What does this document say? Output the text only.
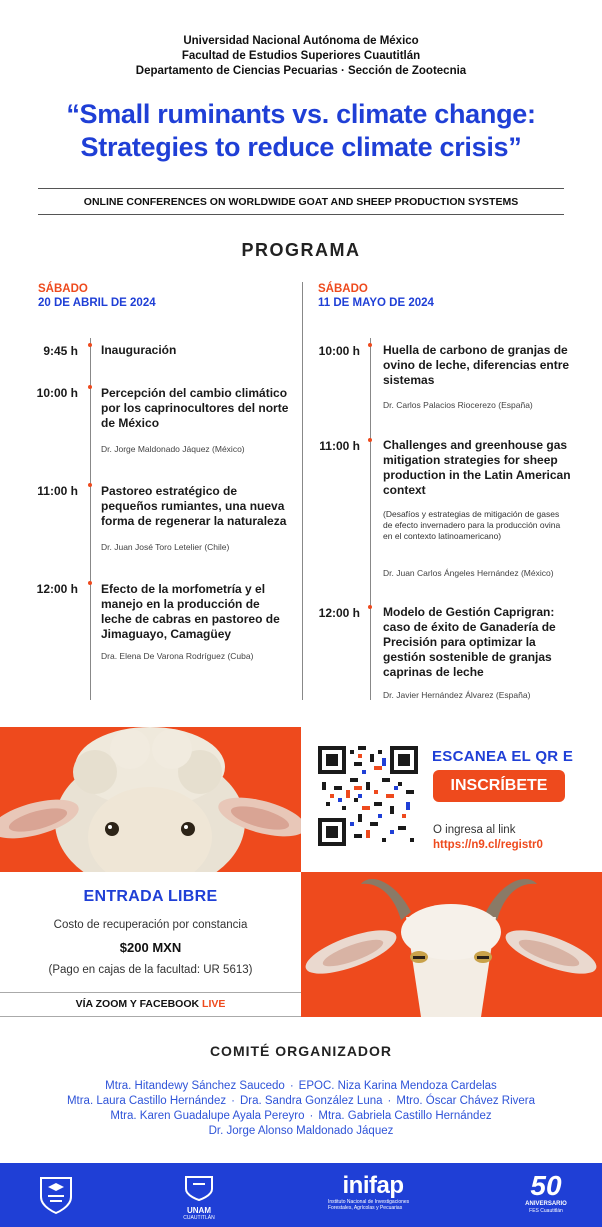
Universidad Nacional Autónoma de México
Facultad de Estudios Superiores Cuautitlán
Departamento de Ciencias Pecuarias · Sección de Zootecnia
“Small ruminants vs. climate change:
Strategies to reduce climate crisis”
ONLINE CONFERENCES ON WORLDWIDE GOAT AND SHEEP PRODUCTION SYSTEMS
PROGRAMA
SÁBADO
20 DE ABRIL DE 2024
9:45 h Inauguración
10:00 h Percepción del cambio climático por los caprinocultores del norte de México
Dr. Jorge Maldonado Jáquez (México)
11:00 h Pastoreo estratégico de pequeños rumiantes, una nueva forma de regenerar la naturaleza
Dr. Juan José Toro Letelier (Chile)
12:00 h Efecto de la morfometría y el manejo en la producción de leche de cabras en pastoreo de Jimaguayo, Camagüey
Dra. Elena De Varona Rodríguez (Cuba)
SÁBADO
11 DE MAYO DE 2024
10:00 h Huella de carbono de granjas de ovino de leche, diferencias entre sistemas
Dr. Carlos Palacios Riocerezo (España)
11:00 h Challenges and greenhouse gas mitigation strategies for sheep production in the Latin American context
(Desafíos y estrategias de mitigación de gases de efecto invernadero para la producción ovina en el contexto latinoamericano)
Dr. Juan Carlos Ángeles Hernández (México)
12:00 h Modelo de Gestión Caprigran: caso de éxito de Ganadería de Precisión para optimizar la gestión sostenible de granjas caprinas de leche
Dr. Javier Hernández Álvarez (España)
ESCANEA EL QR E
INSCRÍBETE
O ingresa al link
https://n9.cl/registr0
ENTRADA LIBRE
Costo de recuperación por constancia
$200 MXN
(Pago en cajas de la facultad: UR 5613)
VÍA ZOOM Y FACEBOOK LIVE
COMITÉ ORGANIZADOR
Mtra. Hitandewy Sánchez Saucedo · EPOC. Niza Karina Mendoza Cardelas
Mtra. Laura Castillo Hernández · Dra. Sandra González Luna · Mtro. Óscar Chávez Rivera
Mtra. Karen Guadalupe Ayala Pereyro · Mtra. Gabriela Castillo Hernández
Dr. Jorge Alonso Maldonado Jáquez
UNAM
CUAUTITLÁN
inifap
Instituto Nacional de Investigaciones
Forestales, Agrícolas y Pecuarias
50
ANIVERSARIO
FES Cuautitlán
